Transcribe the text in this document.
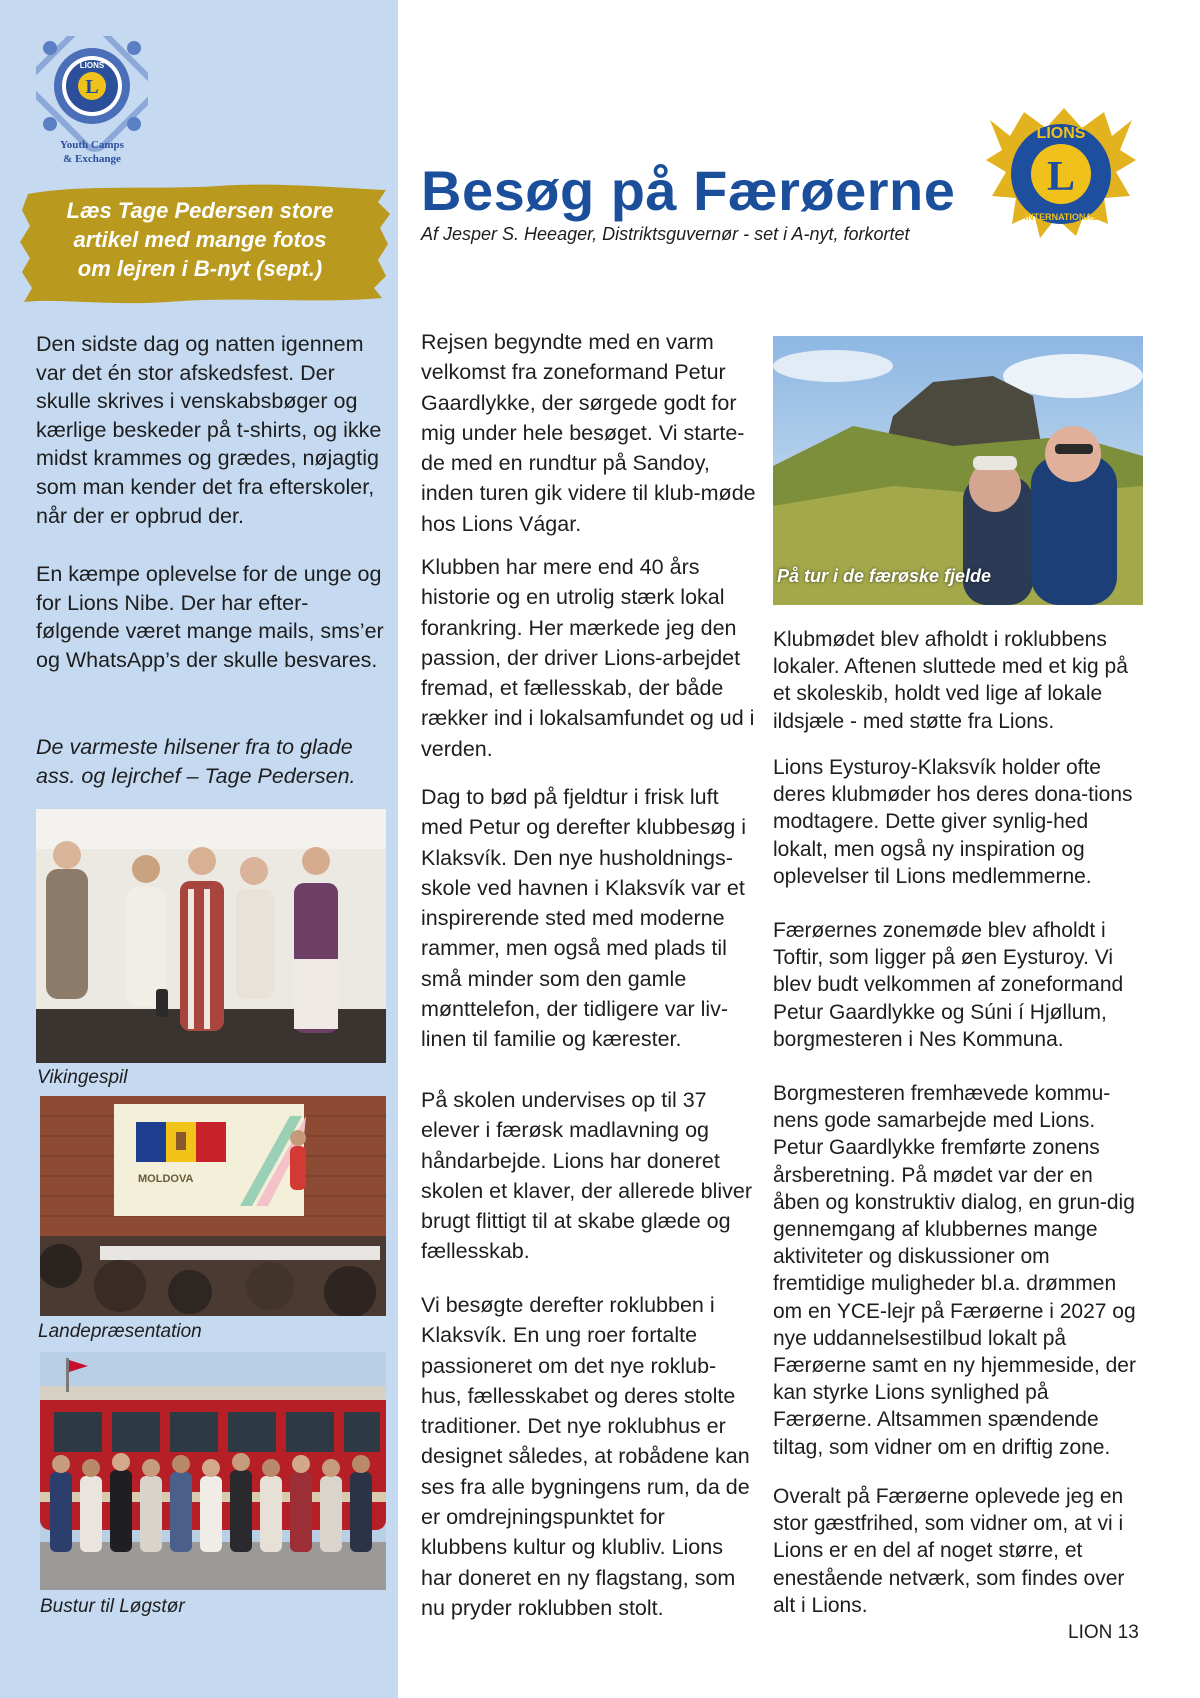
L
LIONS
Youth Camps
& Exchange
Læs Tage Pedersen store
artikel med mange fotos
om lejren i B-nyt (sept.)

Den sidste dag og natten igennem var det én stor afskedsfest. Der skulle skrives i venskabsbøger og kærlige beskeder på t-shirts, og ikke midst krammes og grædes, nøjagtig som man kender det fra efterskoler, når der er opbrud der.

En kæmpe oplevelse for de unge og for Lions Nibe. Der har efter-følgende været mange mails, sms’er og WhatsApp’s der skulle besvares.

De varmeste hilsener fra to glade ass. og lejrchef – Tage Pedersen.

Vikingespil
MOLDOVA
Landepræsentation
Bustur til Løgstør
Besøg på Færøerne
Af Jesper S. Heeager, Distriktsguvernør - set i A-nyt, forkortet
L
LIONS
INTERNATIONAL

Rejsen begyndte med en varm velkomst fra zoneformand Petur Gaardlykke, der sørgede godt for mig under hele besøget. Vi starte-de med en rundtur på Sandoy, inden turen gik videre til klub-møde hos Lions Vágar.

Klubben har mere end 40 års historie og en utrolig stærk lokal forankring. Her mærkede jeg den passion, der driver Lions-arbejdet fremad, et fællesskab, der både rækker ind i lokalsamfundet og ud i verden.

Dag to bød på fjeldtur i frisk luft med Petur og derefter klubbesøg i Klaksvík. Den nye husholdnings-skole ved havnen i Klaksvík var et inspirerende sted med moderne rammer, men også med plads til små minder som den gamle mønttelefon, der tidligere var liv-linen til familie og kærester.

På skolen undervises op til 37 elever i færøsk madlavning og håndarbejde. Lions har doneret skolen et klaver, der allerede bliver brugt flittigt til at skabe glæde og fællesskab.

Vi besøgte derefter roklubben i Klaksvík. En ung roer fortalte passioneret om det nye roklub-hus, fællesskabet og deres stolte traditioner. Det nye roklubhus er designet således, at robådene kan ses fra alle bygningens rum, da de er omdrejningspunktet for klubbens kultur og klubliv. Lions har doneret en ny flagstang, som nu pryder roklubben stolt.

På tur i de færøske fjelde

Klubmødet blev afholdt i roklubbens lokaler. Aftenen sluttede med et kig på et skoleskib, holdt ved lige af lokale ildsjæle - med støtte fra Lions.

Lions Eysturoy-Klaksvík holder ofte deres klubmøder hos deres dona-tions modtagere. Dette giver synlig-hed lokalt, men også ny inspiration og oplevelser til Lions medlemmerne.

Færøernes zonemøde blev afholdt i Toftir, som ligger på øen Eysturoy. Vi blev budt velkommen af zoneformand Petur Gaardlykke og Súni í Hjøllum, borgmesteren i Nes Kommuna.

Borgmesteren fremhævede kommu-nens gode samarbejde med Lions. Petur Gaardlykke fremførte zonens årsberetning. På mødet var der en åben og konstruktiv dialog, en grun-dig gennemgang af klubbernes mange aktiviteter og diskussioner om fremtidige muligheder bl.a. drømmen om en YCE-lejr på Færøerne i 2027 og nye uddannelsestilbud lokalt på Færøerne samt en ny hjemmeside, der kan styrke Lions synlighed på Færøerne. Altsammen spændende tiltag, som vidner om en driftig zone.

Overalt på Færøerne oplevede jeg en stor gæstfrihed, som vidner om, at vi i Lions er en del af noget større, et enestående netværk, som findes over alt i Lions.

LION 13
